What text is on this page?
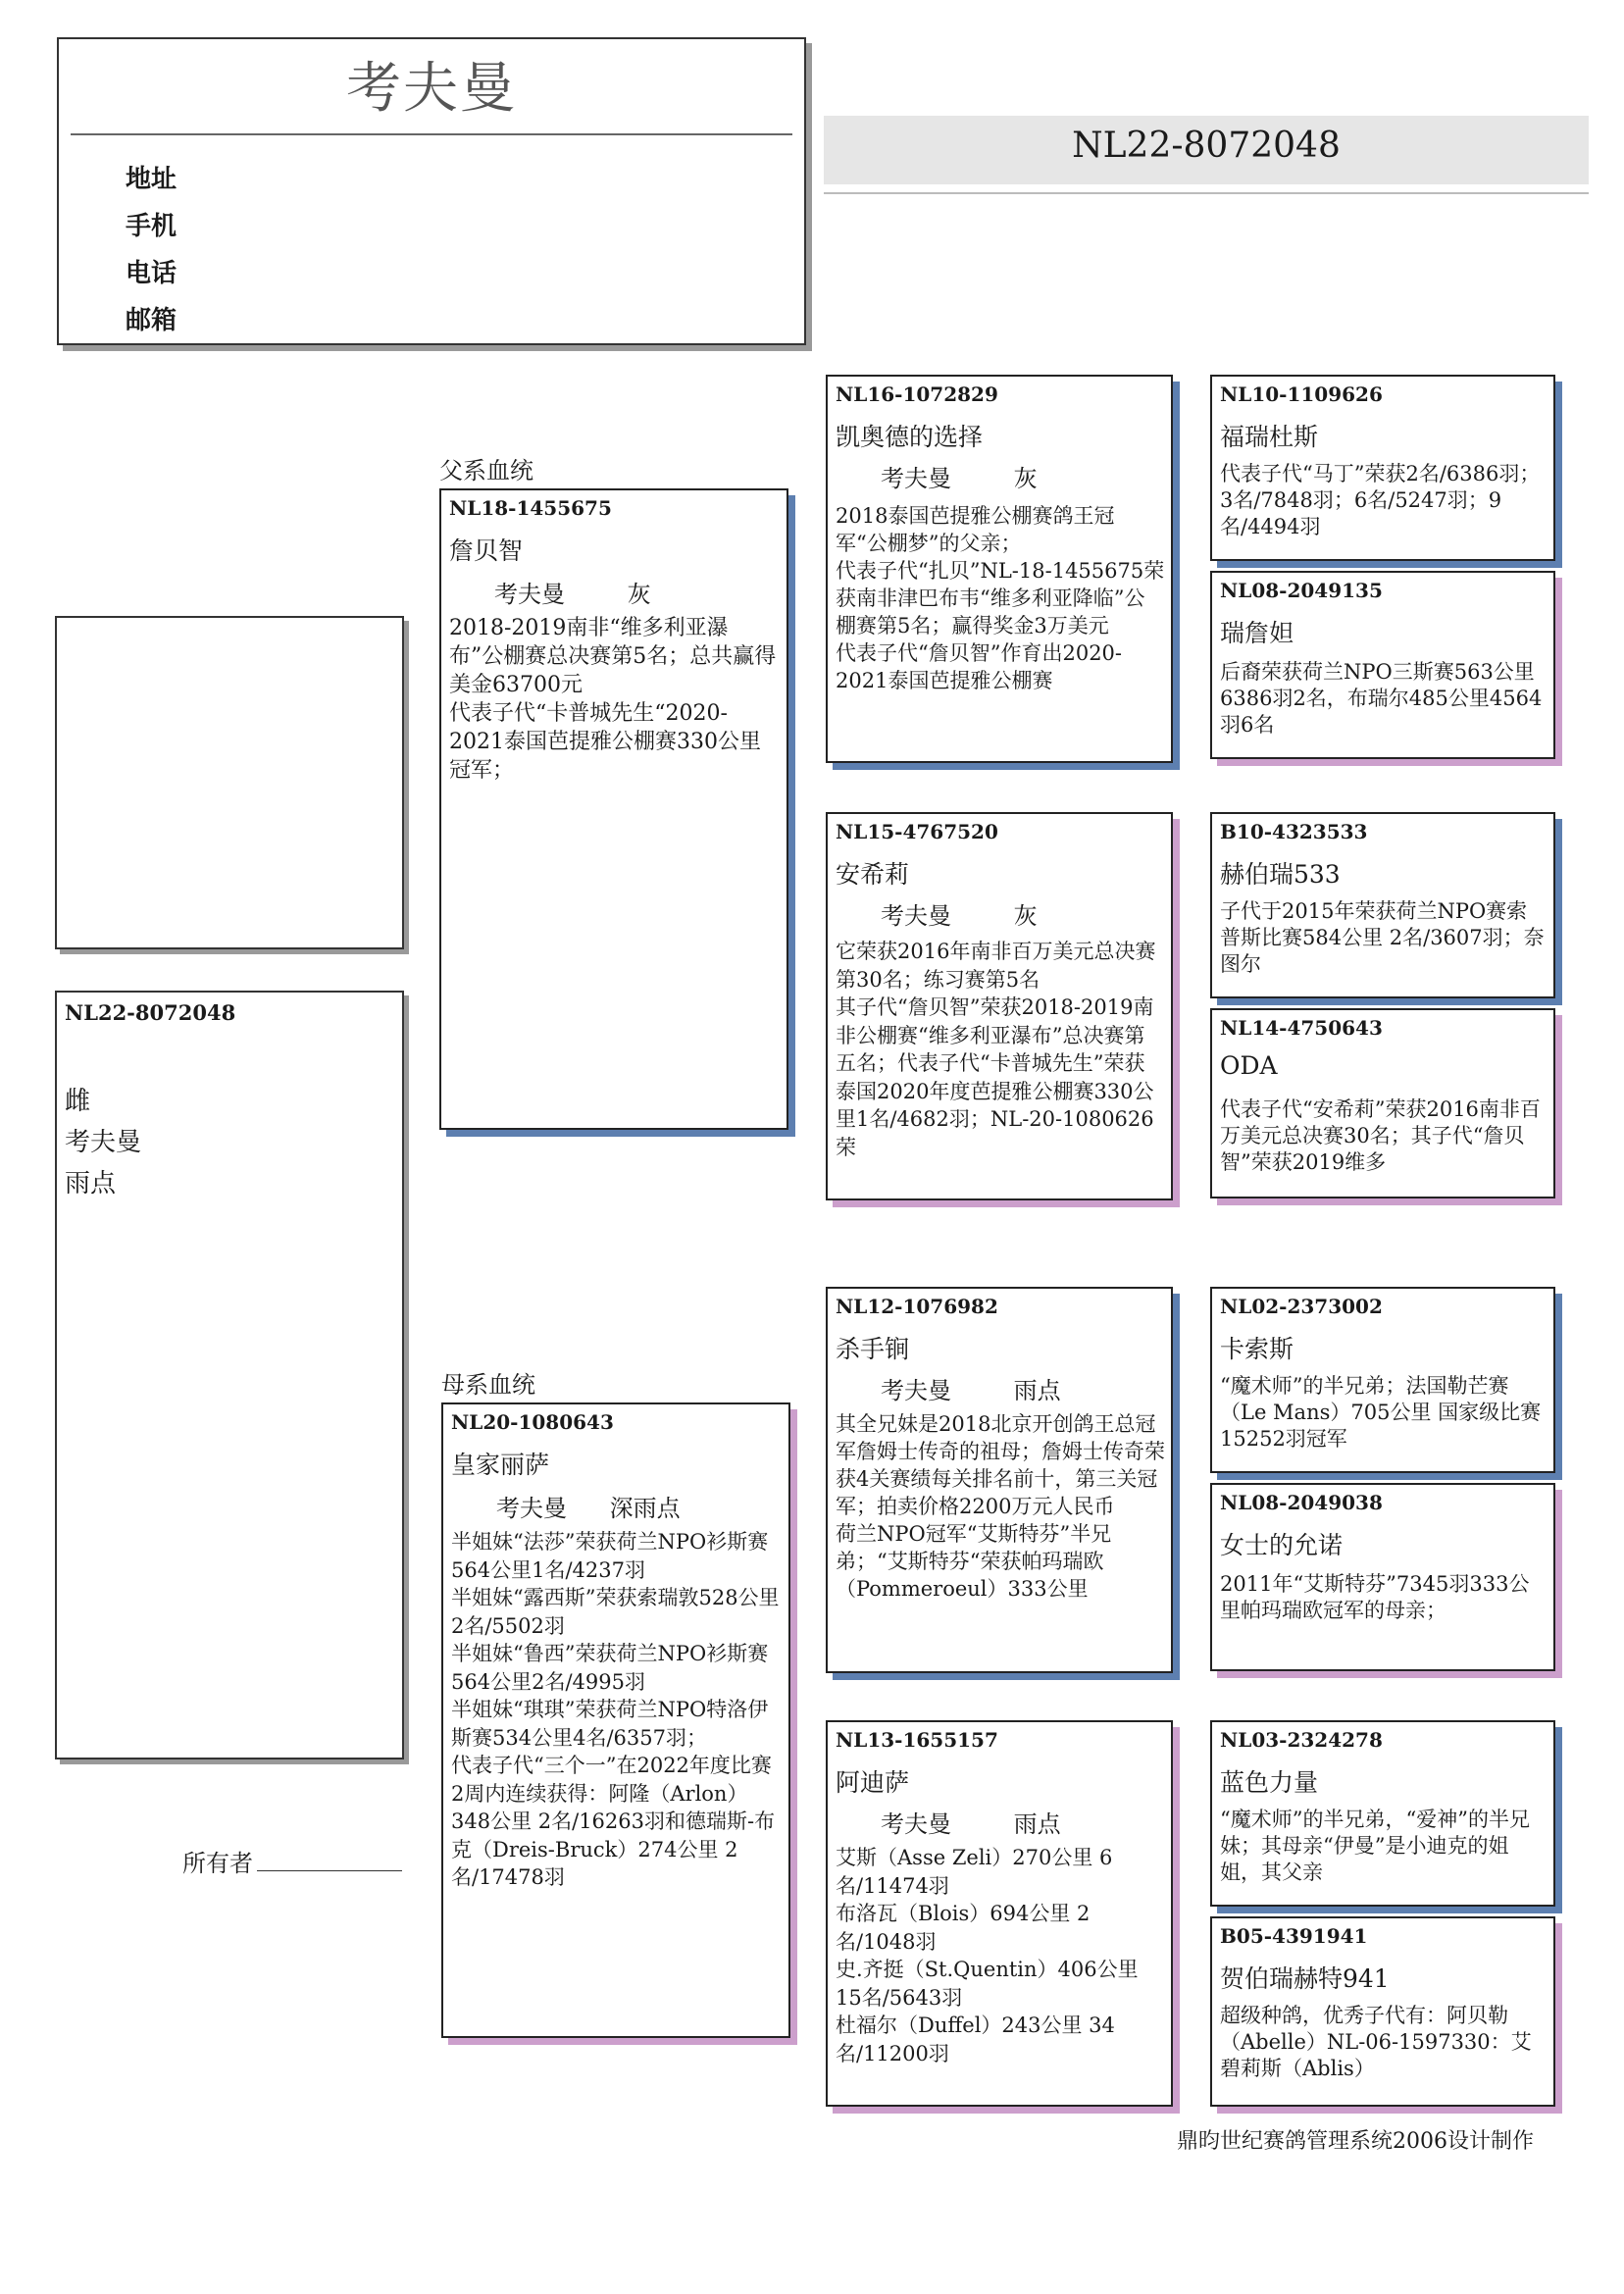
考夫曼
地址
手机
电话
邮箱
NL22-8072048
NL22-8072048
雌
考夫曼
雨点
所有者
父系血统
母系血统
NL18-1455675
詹贝智
考夫曼	灰
2018-2019南非“维多利亚瀑布”公棚赛总决赛第5名；总共赢得美金63700元
代表子代“卡普城先生“2020-2021泰国芭提雅公棚赛330公里冠军；
NL20-1080643
皇家丽萨
考夫曼 深雨点
半姐妹“法莎”荣获荷兰NPO衫斯赛564公里1名/4237羽
半姐妹“露西斯”荣获索瑞敦528公里2名/5502羽
半姐妹“鲁西”荣获荷兰NPO衫斯赛564公里2名/4995羽
半姐妹“琪琪”荣获荷兰NPO特洛伊斯赛534公里4名/6357羽；
代表子代“三个一”在2022年度比赛2周内连续获得：阿隆（Arlon）348公里 2名/16263羽和德瑞斯-布克（Dreis-Bruck）274公里 2名/17478羽
NL16-1072829
凯奥德的选择
考夫曼	灰
2018泰国芭提雅公棚赛鸽王冠军“公棚梦”的父亲；
代表子代“扎贝”NL-18-1455675荣获南非津巴布韦“维多利亚降临”公棚赛第5名；赢得奖金3万美元
代表子代“詹贝智”作育出2020-2021泰国芭提雅公棚赛
NL15-4767520
安希莉
考夫曼	灰
它荣获2016年南非百万美元总决赛第30名；练习赛第5名
其子代“詹贝智”荣获2018-2019南非公棚赛“维多利亚瀑布”总决赛第五名；代表子代“卡普城先生”荣获泰国2020年度芭提雅公棚赛330公里1名/4682羽；NL-20-1080626荣
NL12-1076982
杀手锏
考夫曼	雨点
其全兄妹是2018北京开创鸽王总冠军詹姆士传奇的祖母；詹姆士传奇荣获4关赛绩每关排名前十，第三关冠军；拍卖价格2200万元人民币
荷兰NPO冠军“艾斯特芬”半兄弟；“艾斯特芬“荣获帕玛瑞欧（Pommeroeul）333公里
NL13-1655157
阿迪萨
考夫曼	雨点
艾斯（Asse Zeli）270公里 6名/11474羽
布洛瓦（Blois）694公里 2名/1048羽
史.齐挺（St.Quentin）406公里 15名/5643羽
杜福尔（Duffel）243公里 34名/11200羽
NL10-1109626
福瑞杜斯
代表子代“马丁”荣获2名/6386羽；3名/7848羽；6名/5247羽；9名/4494羽
NL08-2049135
瑞詹妲
后裔荣获荷兰NPO三斯赛563公里6386羽2名，布瑞尔485公里4564羽6名
B10-4323533
赫伯瑞533
子代于2015年荣获荷兰NPO赛索普斯比赛584公里 2名/3607羽；奈图尔
NL14-4750643
ODA
代表子代“安希莉”荣获2016南非百万美元总决赛30名；其子代“詹贝智”荣获2019维多
NL02-2373002
卡索斯
“魔术师”的半兄弟；法国勒芒赛（Le Mans）705公里 国家级比赛15252羽冠军
NL08-2049038
女士的允诺
2011年“艾斯特芬”7345羽333公里帕玛瑞欧冠军的母亲；
NL03-2324278
蓝色力量
“魔术师”的半兄弟，“爱神”的半兄妹；其母亲“伊曼”是小迪克的姐姐，其父亲
B05-4391941
贺伯瑞赫特941
超级种鸽，优秀子代有：阿贝勒（Abelle）NL-06-1597330：艾碧莉斯（Ablis）
鼎昀世纪赛鸽管理系统2006设计制作
